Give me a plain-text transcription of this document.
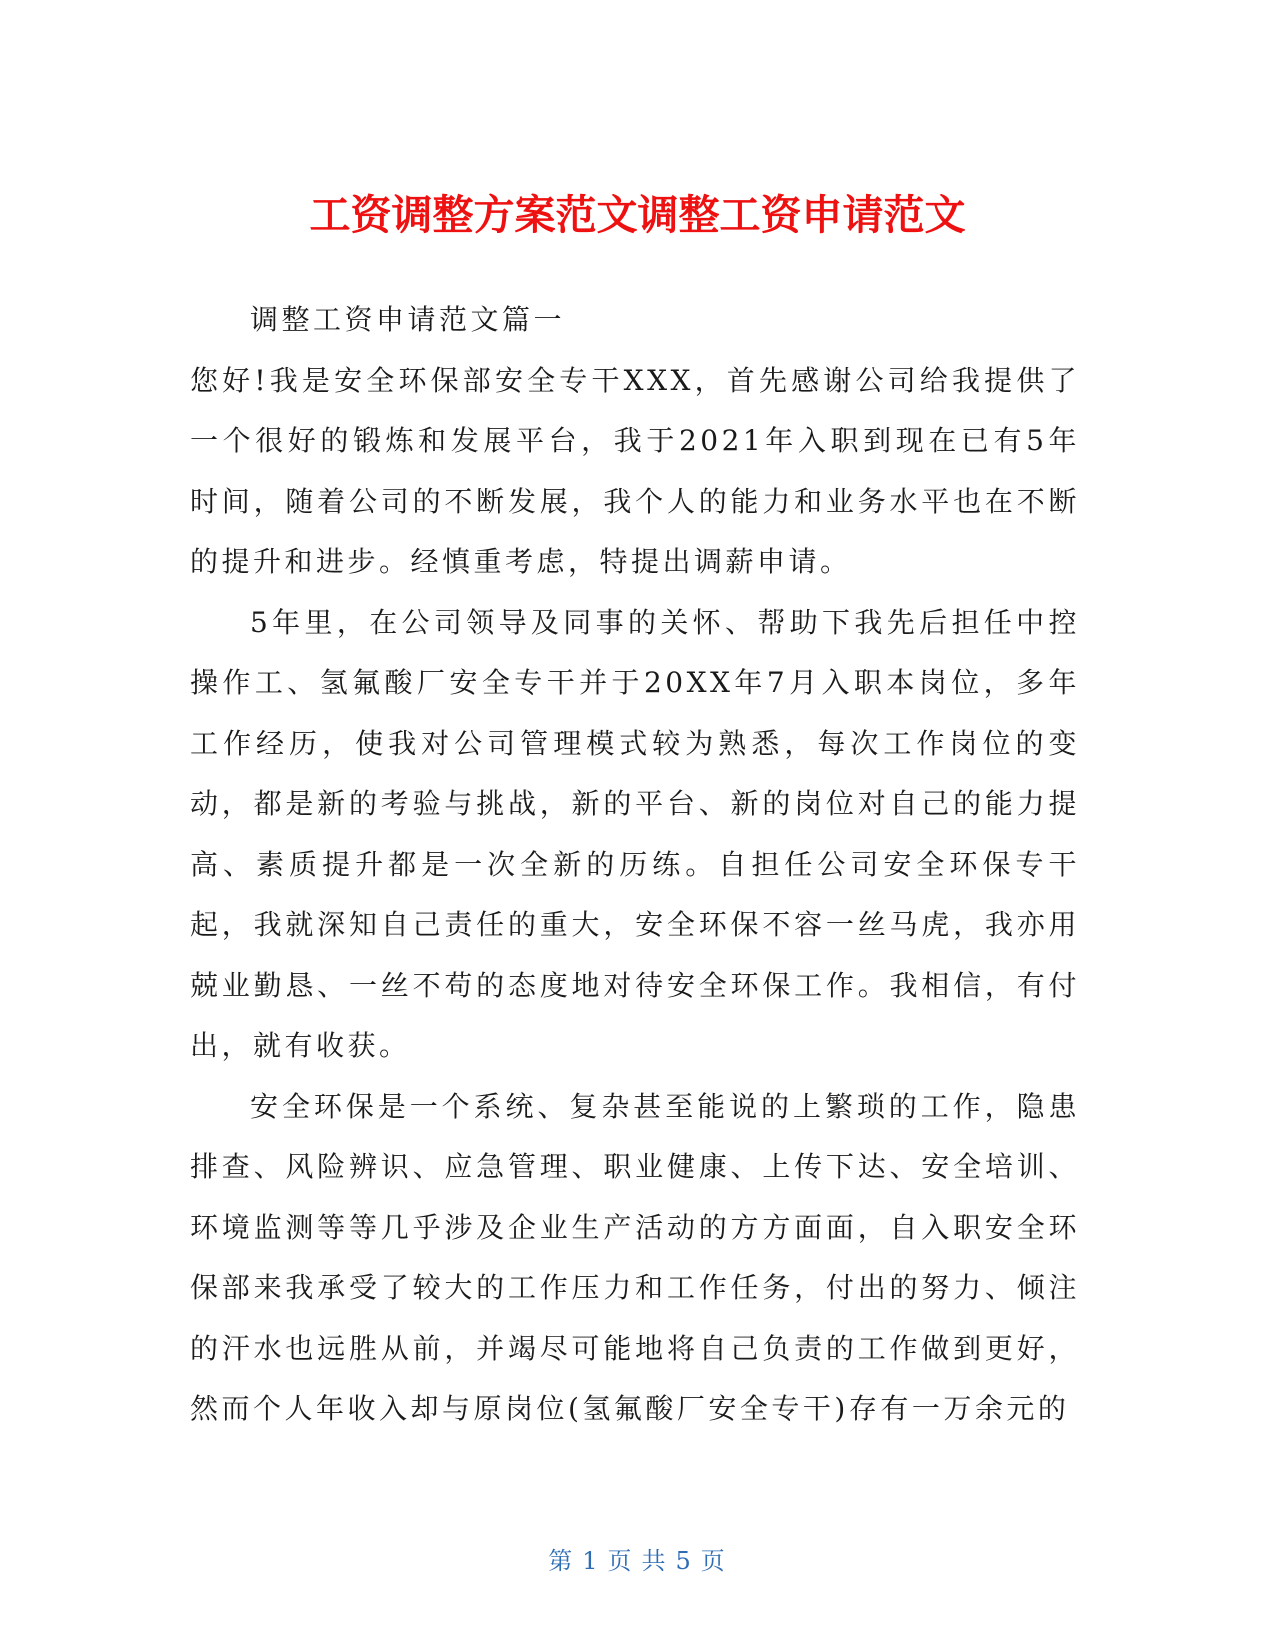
工资调整方案范文调整工资申请范文

调整工资申请范文篇一

您好!我是安全环保部安全专干XXX，首先感谢公司给我提供了一个很好的锻炼和发展平台，我于2021年入职到现在已有5年时间，随着公司的不断发展，我个人的能力和业务水平也在不断的提升和进步。经慎重考虑，特提出调薪申请。

5年里，在公司领导及同事的关怀、帮助下我先后担任中控操作工、氢氟酸厂安全专干并于20XX年7月入职本岗位，多年工作经历，使我对公司管理模式较为熟悉，每次工作岗位的变动，都是新的考验与挑战，新的平台、新的岗位对自己的能力提高、素质提升都是一次全新的历练。自担任公司安全环保专干起，我就深知自己责任的重大，安全环保不容一丝马虎，我亦用兢业勤恳、一丝不苟的态度地对待安全环保工作。我相信，有付出，就有收获。

安全环保是一个系统、复杂甚至能说的上繁琐的工作，隐患排查、风险辨识、应急管理、职业健康、上传下达、安全培训、环境监测等等几乎涉及企业生产活动的方方面面，自入职安全环保部来我承受了较大的工作压力和工作任务，付出的努力、倾注的汗水也远胜从前，并竭尽可能地将自己负责的工作做到更好，然而个人年收入却与原岗位(氢氟酸厂安全专干)存有一万余元的

第 1 页 共 5 页
